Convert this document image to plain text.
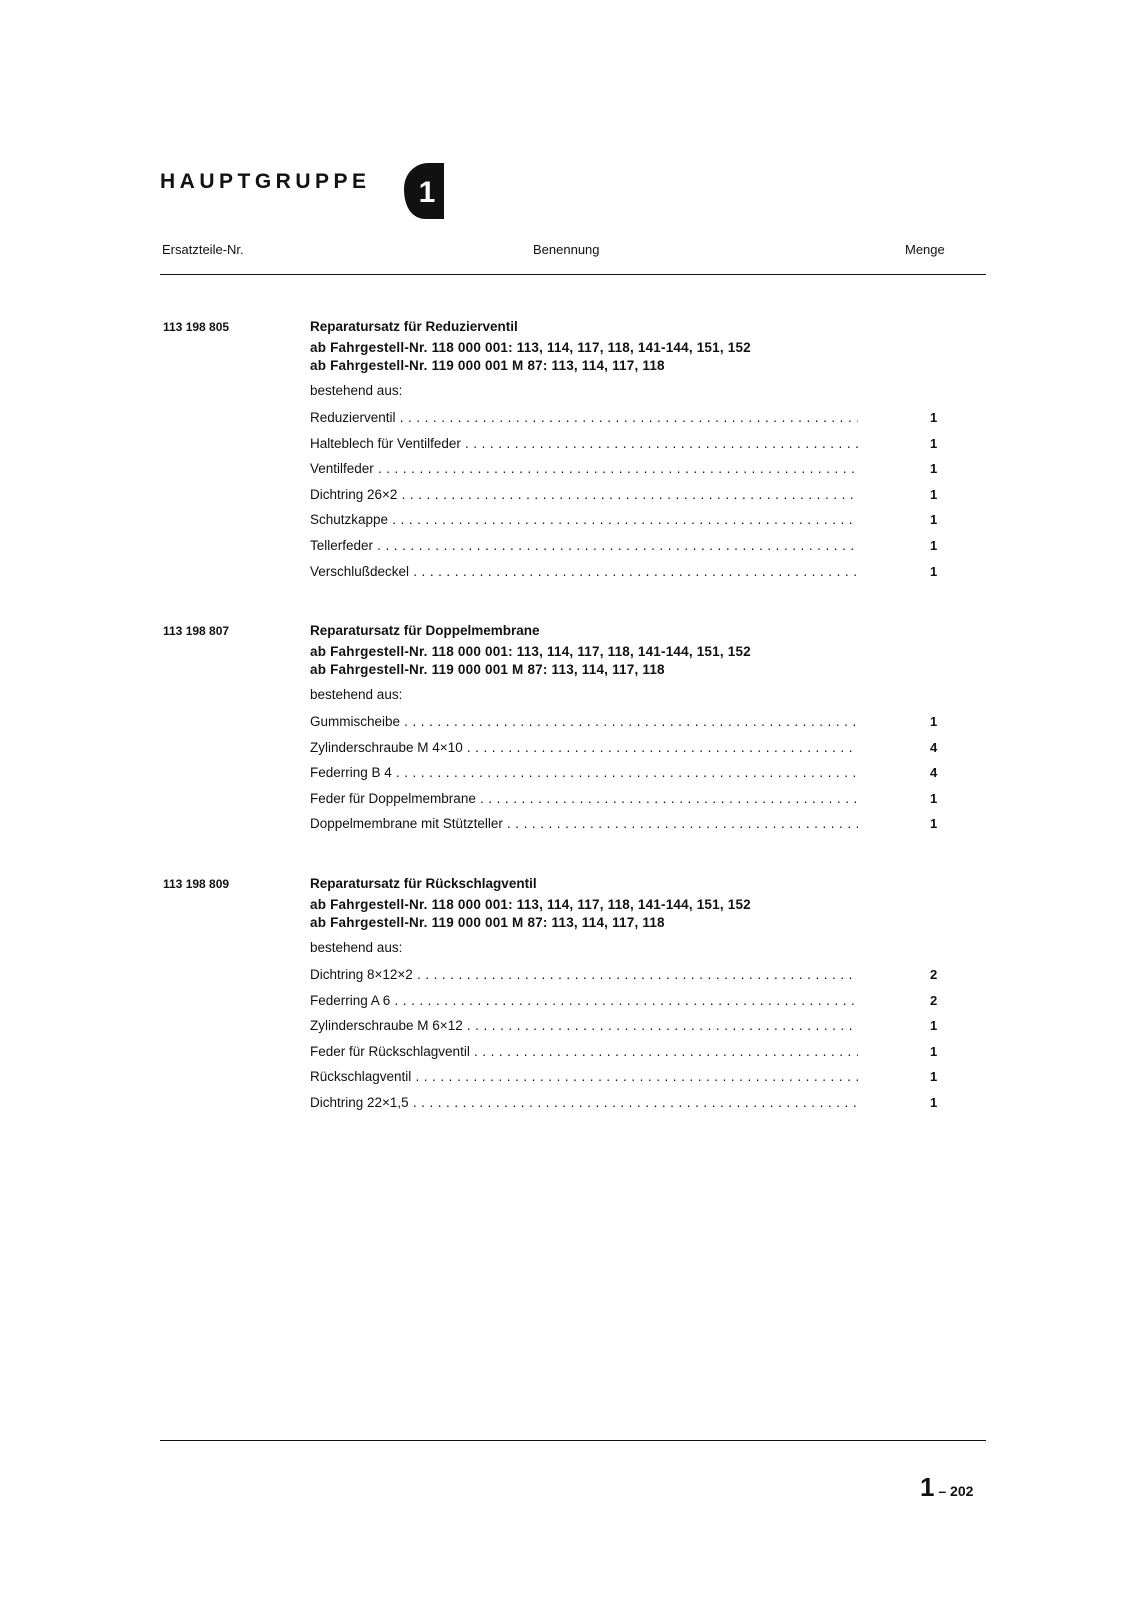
HAUPTGRUPPE 1
Ersatzteile-Nr.	Benennung	Menge
113 198 805	Reparatursatz für Reduzierventil
ab Fahrgestell-Nr. 118 000 001: 113, 114, 117, 118, 141-144, 151, 152
ab Fahrgestell-Nr. 119 000 001 M 87: 113, 114, 117, 118
bestehend aus:
Reduzierventil . . .	1
Halteblech für Ventilfeder . . .	1
Ventilfeder . . .	1
Dichtring 26×2 . . .	1
Schutzkappe . . .	1
Tellerfeder . . .	1
Verschlußdeckel . . .	1
113 198 807	Reparatursatz für Doppelmembrane
ab Fahrgestell-Nr. 118 000 001: 113, 114, 117, 118, 141-144, 151, 152
ab Fahrgestell-Nr. 119 000 001 M 87: 113, 114, 117, 118
bestehend aus:
Gummischeibe . . .	1
Zylinderschraube M 4×10 . . .	4
Federring B 4 . . .	4
Feder für Doppelmembrane . . .	1
Doppelmembrane mit Stützteller . . .	1
113 198 809	Reparatursatz für Rückschlagventil
ab Fahrgestell-Nr. 118 000 001: 113, 114, 117, 118, 141-144, 151, 152
ab Fahrgestell-Nr. 119 000 001 M 87: 113, 114, 117, 118
bestehend aus:
Dichtring 8×12×2 . . .	2
Federring A 6 . . .	2
Zylinderschraube M 6×12 . . .	1
Feder für Rückschlagventil . . .	1
Rückschlagventil . . .	1
Dichtring 22×1,5 . . .	1
1 – 202
